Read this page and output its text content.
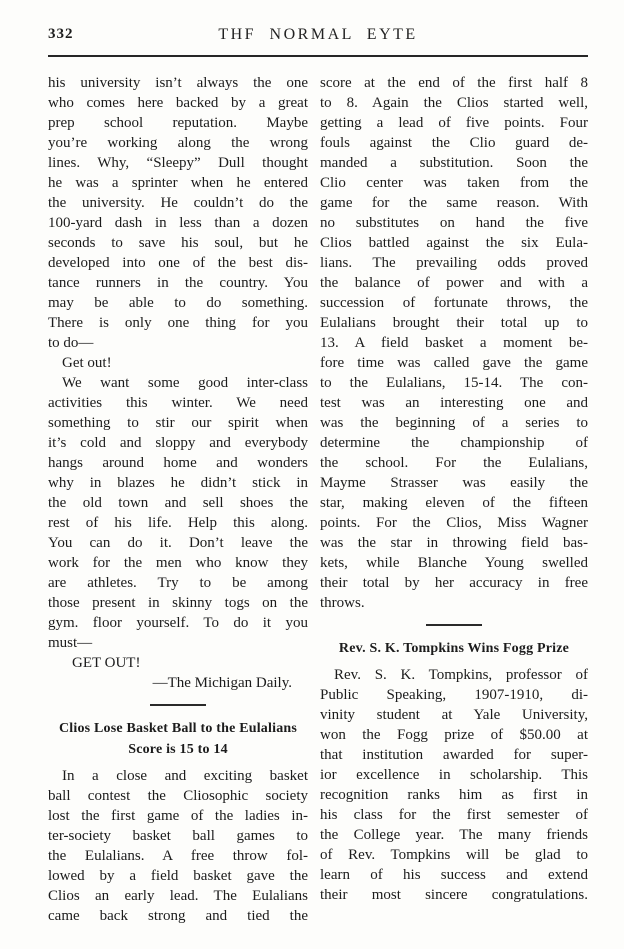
332	THF NORMAL EYTE
his university isn’t always the one
who comes here backed by a great
prep school reputation. Maybe
you’re working along the wrong
lines. Why, “Sleepy” Dull thought
he was a sprinter when he entered
the university. He couldn’t do the
100-yard dash in less than a dozen
seconds to save his soul, but he
developed into one of the best dis-
tance runners in the country. You
may be able to do something.
There is only one thing for you
to do—
Get out!
We want some good inter-class
activities this winter. We need
something to stir our spirit when
it’s cold and sloppy and everybody
hangs around home and wonders
why in blazes he didn’t stick in
the old town and sell shoes the
rest of his life. Help this along.
You can do it. Don’t leave the
work for the men who know they
are athletes. Try to be among
those present in skinny togs on the
gym. floor yourself. To do it you
must—
GET OUT!
—The Michigan Daily.
Clios Lose Basket Ball to the Eulalians
Score is 15 to 14
In a close and exciting basket
ball contest the Cliosophic society
lost the first game of the ladies in-
ter-society basket ball games to
the Eulalians. A free throw fol-
lowed by a field basket gave the
Clios an early lead. The Eulalians
came back strong and tied the
score at the end of the first half 8
to 8. Again the Clios started well,
getting a lead of five points. Four
fouls against the Clio guard de-
manded a substitution. Soon the
Clio center was taken from the
game for the same reason. With
no substitutes on hand the five
Clios battled against the six Eula-
lians. The prevailing odds proved
the balance of power and with a
succession of fortunate throws, the
Eulalians brought their total up to
13. A field basket a moment be-
fore time was called gave the game
to the Eulalians, 15-14. The con-
test was an interesting one and
was the beginning of a series to
determine the championship of
the school. For the Eulalians,
Mayme Strasser was easily the
star, making eleven of the fifteen
points. For the Clios, Miss Wagner
was the star in throwing field bas-
kets, while Blanche Young swelled
their total by her accuracy in free
throws.
Rev. S. K. Tompkins Wins Fogg Prize
Rev. S. K. Tompkins, professor of
Public Speaking, 1907-1910, di-
vinity student at Yale University,
won the Fogg prize of $50.00 at
that institution awarded for super-
ior excellence in scholarship. This
recognition ranks him as first in
his class for the first semester of
the College year. The many friends
of Rev. Tompkins will be glad to
learn of his success and extend
their most sincere congratulations.
